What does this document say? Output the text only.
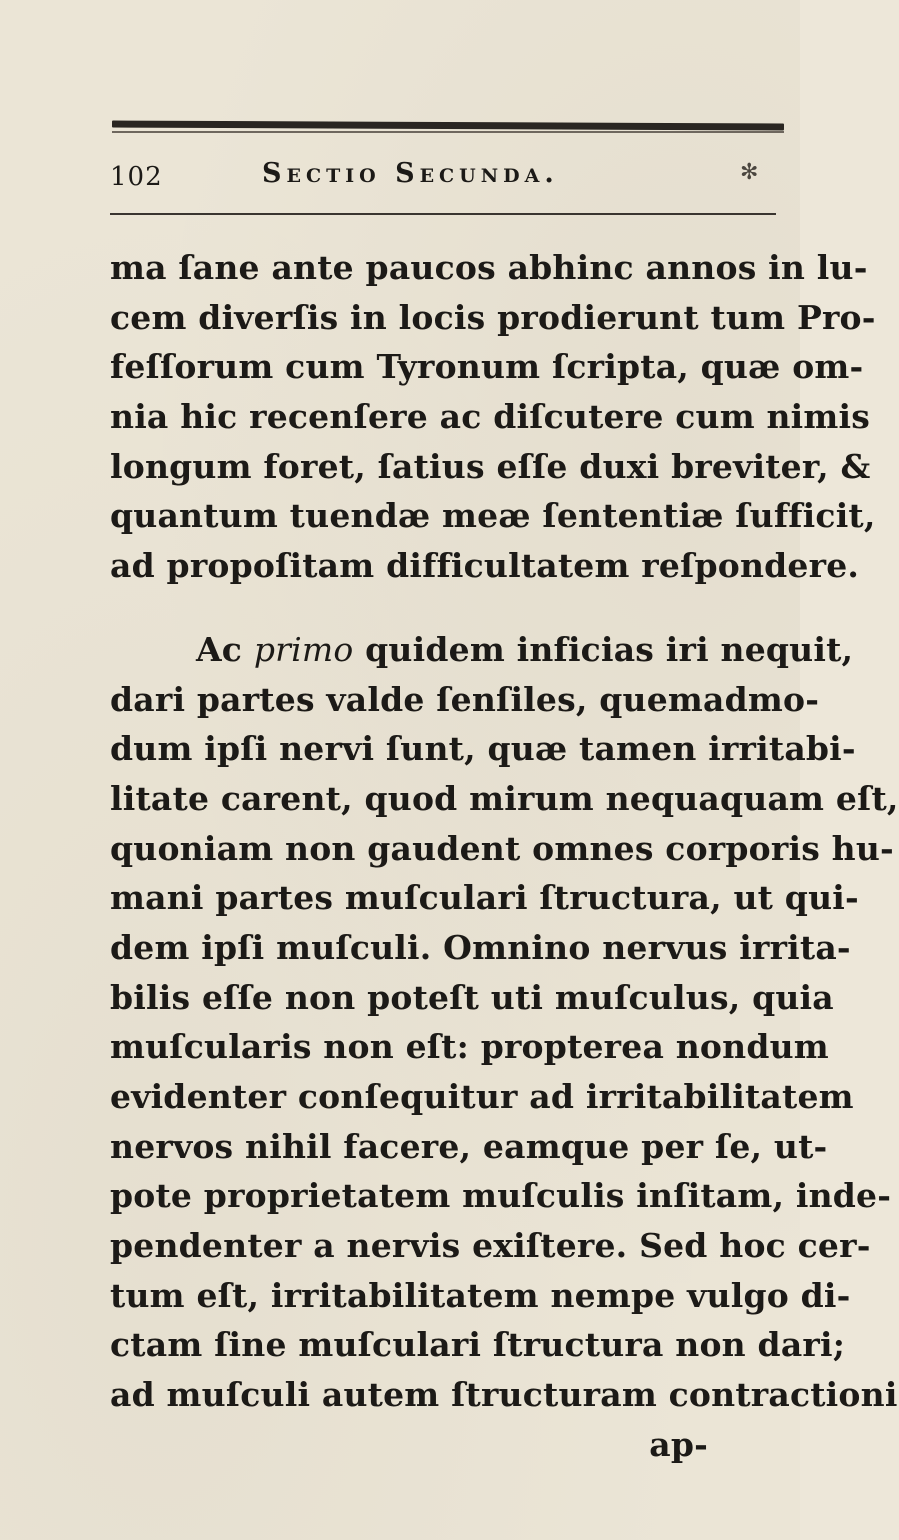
102	Sectio Secunda.	✻
ma ſane ante paucos abhinc annos in lu-
cem diverſis in locis prodierunt tum Pro-
feſſorum cum Tyronum ſcripta, quæ om-
nia hic recenſere ac diſcutere cum nimis
longum foret, ſatius eſſe duxi breviter, &
quantum tuendæ meæ ſententiæ ſufficit,
ad propoſitam difficultatem reſpondere.
Ac primo quidem inficias iri nequit,
dari partes valde ſenſiles, quemadmo-
dum ipſi nervi ſunt, quæ tamen irritabi-
litate carent, quod mirum nequaquam eſt,
quoniam non gaudent omnes corporis hu-
mani partes muſculari ſtructura, ut qui-
dem ipſi muſculi. Omnino nervus irrita-
bilis eſſe non poteſt uti muſculus, quia
muſcularis non eſt: propterea nondum
evidenter conſequitur ad irritabilitatem
nervos nihil facere, eamque per ſe, ut-
pote proprietatem muſculis inſitam, inde-
pendenter a nervis exiſtere. Sed hoc cer-
tum eſt, irritabilitatem nempe vulgo di-
ctam ſine muſculari ſtructura non dari;
ad muſculi autem ſtructuram contractioni
ap-
